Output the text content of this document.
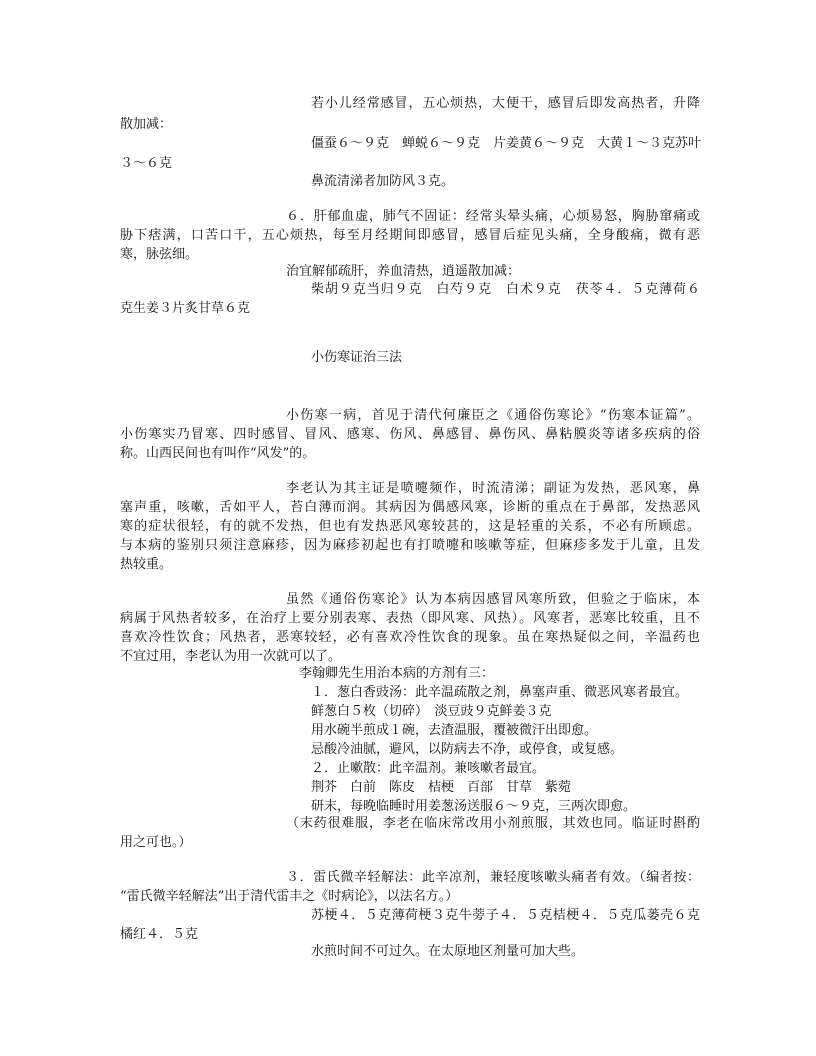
若小儿经常感冒，五心烦热，大便干，感冒后即发高热者，升降
散加减：
僵蚕６～９克　蝉蜕６～９克　片姜黄６～９克　大黄１～３克苏叶
３～６克
鼻流清涕者加防风３克。
６．肝郁血虚，肺气不固证：经常头晕头痛，心烦易怒，胸胁窜痛或
胁下痞满，口苦口干，五心烦热，每至月经期间即感冒，感冒后症见头痛，全身酸痛，微有恶
寒，脉弦细。
治宜解郁疏肝，养血清热，逍遥散加减：
柴胡９克当归９克　白芍９克　白术９克　茯苓４．５克薄荷６
克生姜３片炙甘草６克
小伤寒证治三法
小伤寒一病，首见于清代何廉臣之《通俗伤寒论》“伤寒本证篇”。
小伤寒实乃冒寒、四时感冒、冒风、感寒、伤风、鼻感冒、鼻伤风、鼻粘膜炎等诸多疾病的俗
称。山西民间也有叫作“风发”的。
李老认为其主证是喷嚏频作，时流清涕；副证为发热，恶风寒，鼻
塞声重，咳嗽，舌如平人，苔白薄而润。其病因为偶感风寒，诊断的重点在于鼻部，发热恶风
寒的症状很轻，有的就不发热，但也有发热恶风寒较甚的，这是轻重的关系，不必有所顾虑。
与本病的鉴别只须注意麻疹，因为麻疹初起也有打喷嚏和咳嗽等症，但麻疹多发于儿童，且发
热较重。
虽然《通俗伤寒论》认为本病因感冒风寒所致，但验之于临床，本
病属于风热者较多，在治疗上要分别表寒、表热（即风寒、风热）。风寒者，恶寒比较重，且不
喜欢冷性饮食；风热者，恶寒较轻，必有喜欢冷性饮食的现象。虽在寒热疑似之间，辛温药也
不宜过用，李老认为用一次就可以了。
李翰卿先生用治本病的方剂有三：
１．葱白香豉汤：此辛温疏散之剂，鼻塞声重、微恶风寒者最宜。
鲜葱白５枚（切碎）　淡豆豉９克鲜姜３克
用水碗半煎成１碗，去渣温服，覆被微汗出即愈。
忌酸冷油腻，避风，以防病去不净，或停食，或复感。
２．止嗽散：此辛温剂。兼咳嗽者最宜。
荆芥　白前　陈皮　桔梗　百部　甘草　紫菀
研末，每晚临睡时用姜葱汤送服６～９克，三两次即愈。
（末药很难服，李老在临床常改用小剂煎服，其效也同。临证时斟酌
用之可也。）
３．雷氏微辛轻解法：此辛凉剂，兼轻度咳嗽头痛者有效。（编者按：
“雷氏微辛轻解法”出于清代雷丰之《时病论》，以法名方。）
苏梗４．５克薄荷梗３克牛蒡子４．５克桔梗４．５克瓜蒌壳６克
橘红４．５克
水煎时间不可过久。在太原地区剂量可加大些。
